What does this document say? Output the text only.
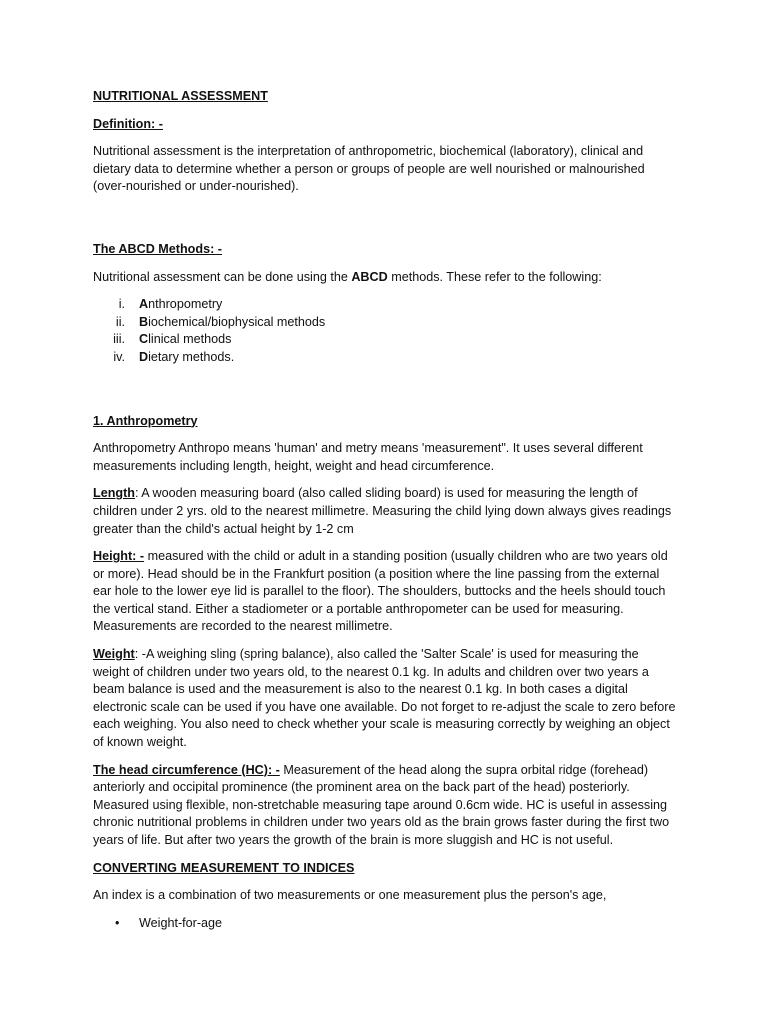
NUTRITIONAL ASSESSMENT

Definition: -

Nutritional assessment is the interpretation of anthropometric, biochemical (laboratory), clinical and dietary data to determine whether a person or groups of people are well nourished or malnourished (over-nourished or under-nourished).

The ABCD Methods: -

Nutritional assessment can be done using the ABCD methods. These refer to the following:

i.	Anthropometry
ii.	Biochemical/biophysical methods
iii.	Clinical methods
iv.	Dietary methods.

1. Anthropometry

Anthropometry Anthropo means 'human' and metry means 'measurement". It uses several different measurements including length, height, weight and head circumference.

Length: A wooden measuring board (also called sliding board) is used for measuring the length of children under 2 yrs. old to the nearest millimetre. Measuring the child lying down always gives readings greater than the child's actual height by 1-2 cm

Height: - measured with the child or adult in a standing position (usually children who are two years old or more). Head should be in the Frankfurt position (a position where the line passing from the external ear hole to the lower eye lid is parallel to the floor). The shoulders, buttocks and the heels should touch the vertical stand. Either a stadiometer or a portable anthropometer can be used for measuring. Measurements are recorded to the nearest millimetre.

Weight: -A weighing sling (spring balance), also called the 'Salter Scale' is used for measuring the weight of children under two years old, to the nearest 0.1 kg. In adults and children over two years a beam balance is used and the measurement is also to the nearest 0.1 kg. In both cases a digital electronic scale can be used if you have one available. Do not forget to re-adjust the scale to zero before each weighing. You also need to check whether your scale is measuring correctly by weighing an object of known weight.

The head circumference (HC): - Measurement of the head along the supra orbital ridge (forehead) anteriorly and occipital prominence (the prominent area on the back part of the head) posteriorly. Measured using flexible, non-stretchable measuring tape around 0.6cm wide. HC is useful in assessing chronic nutritional problems in children under two years old as the brain grows faster during the first two years of life. But after two years the growth of the brain is more sluggish and HC is not useful.

CONVERTING MEASUREMENT TO INDICES

An index is a combination of two measurements or one measurement plus the person's age,

•	Weight-for-age
